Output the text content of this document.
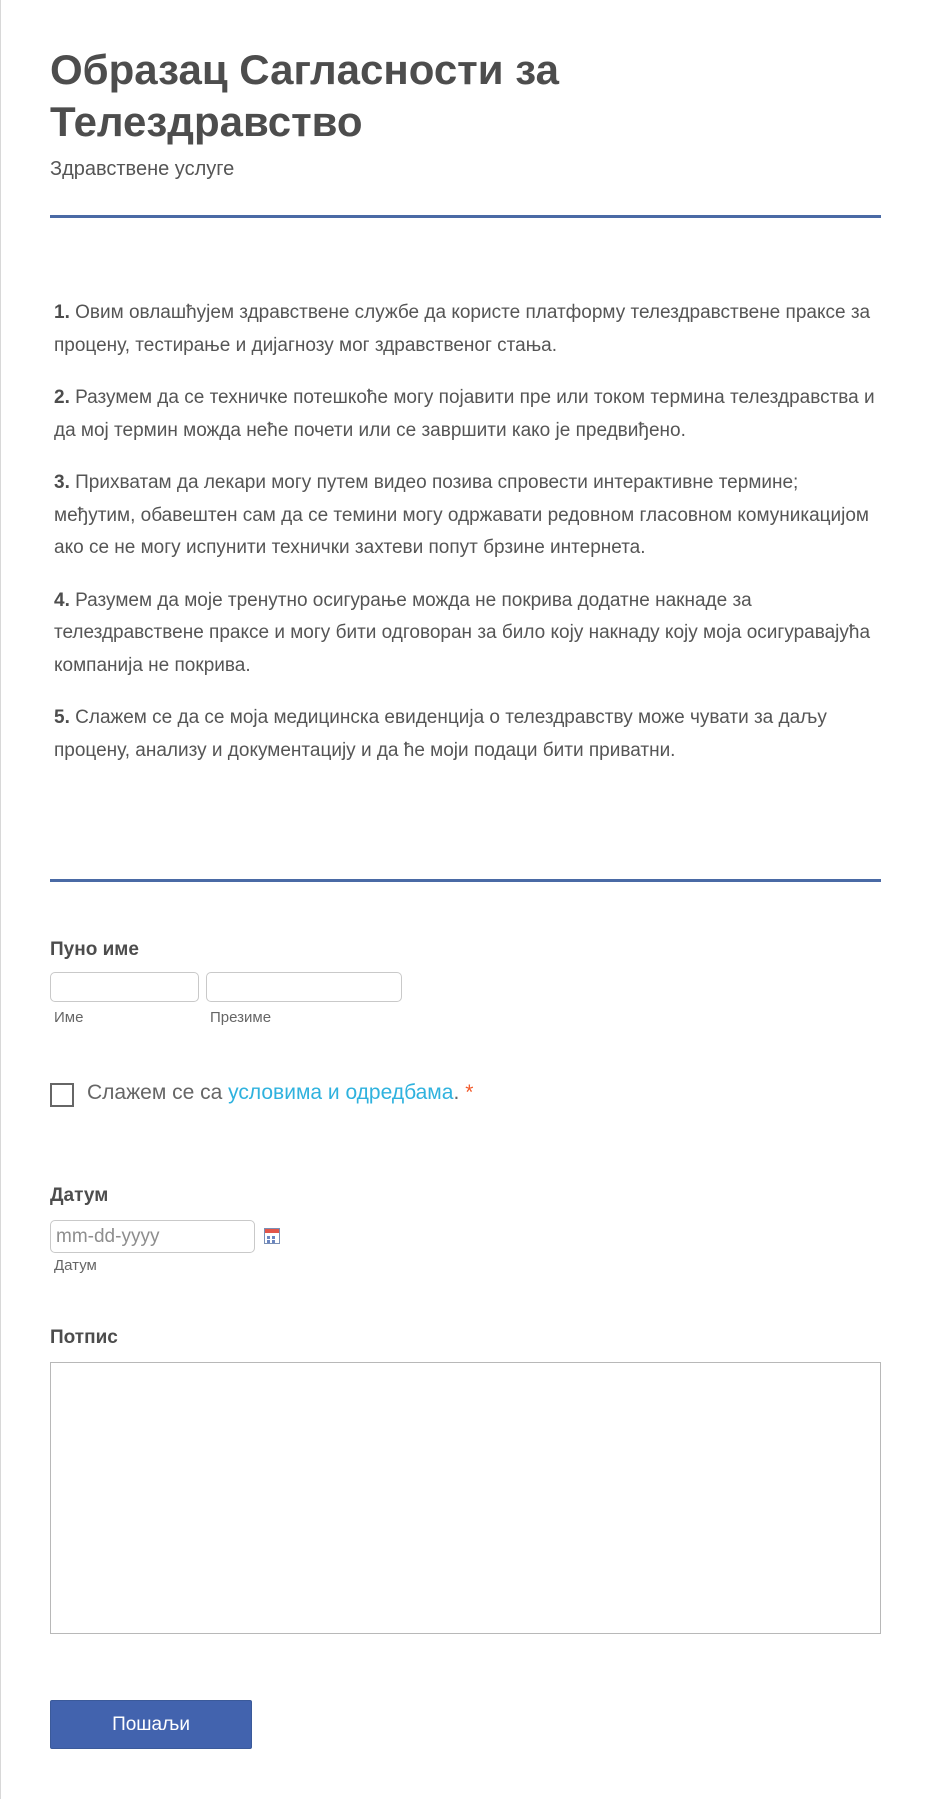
Образац Сагласности за Телездравство
Здравствене услуге

1. Овим овлашћујем здравствене службе да користе платформу телездравствене праксе за процену, тестирање и дијагнозу мог здравственог стања.

2. Разумем да се техничке потешкоће могу појавити пре или током термина телездравства и да мој термин можда неће почети или се завршити како је предвиђено.

3. Прихватам да лекари могу путем видео позива спровести интерактивне термине; међутим, обавештен сам да се темини могу одржавати редовном гласовном комуникацијом ако се не могу испунити технички захтеви попут брзине интернета.

4. Разумем да моје тренутно осигурање можда не покрива додатне накнаде за телездравствене праксе и могу бити одговоран за било коју накнаду коју моја осигуравајућа компанија не покрива.

5. Слажем се да се моја медицинска евиденција о телездравству може чувати за даљу процену, анализу и документацију и да ће моји подаци бити приватни.

Пуно име
Име	Презиме
Слажем се са условима и одредбама. *
Датум
mm-dd-yyyy
Датум
Потпис
Пошаљи
